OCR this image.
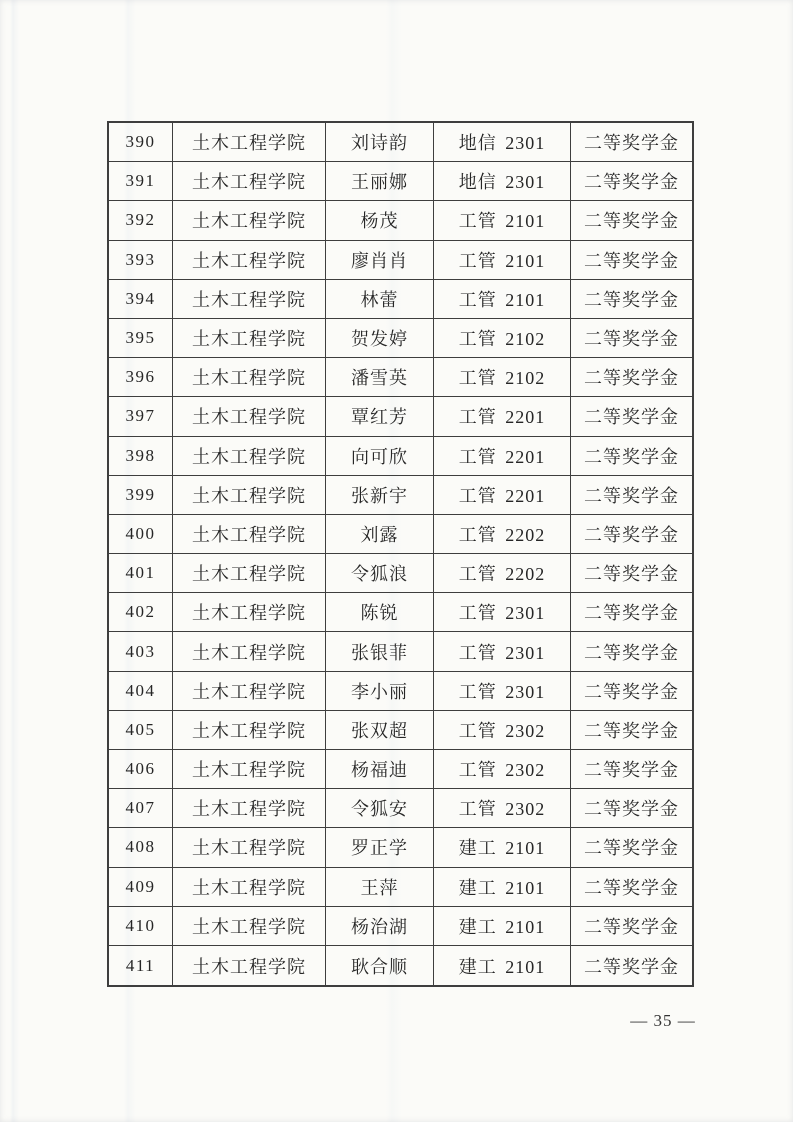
390	土木工程学院	刘诗韵	地信 2301	二等奖学金
391	土木工程学院	王丽娜	地信 2301	二等奖学金
392	土木工程学院	杨茂	工管 2101	二等奖学金
393	土木工程学院	廖肖肖	工管 2101	二等奖学金
394	土木工程学院	林蕾	工管 2101	二等奖学金
395	土木工程学院	贺发婷	工管 2102	二等奖学金
396	土木工程学院	潘雪英	工管 2102	二等奖学金
397	土木工程学院	覃红芳	工管 2201	二等奖学金
398	土木工程学院	向可欣	工管 2201	二等奖学金
399	土木工程学院	张新宇	工管 2201	二等奖学金
400	土木工程学院	刘露	工管 2202	二等奖学金
401	土木工程学院	令狐浪	工管 2202	二等奖学金
402	土木工程学院	陈锐	工管 2301	二等奖学金
403	土木工程学院	张银菲	工管 2301	二等奖学金
404	土木工程学院	李小丽	工管 2301	二等奖学金
405	土木工程学院	张双超	工管 2302	二等奖学金
406	土木工程学院	杨福迪	工管 2302	二等奖学金
407	土木工程学院	令狐安	工管 2302	二等奖学金
408	土木工程学院	罗正学	建工 2101	二等奖学金
409	土木工程学院	王萍	建工 2101	二等奖学金
410	土木工程学院	杨治湖	建工 2101	二等奖学金
411	土木工程学院	耿合顺	建工 2101	二等奖学金
— 35 —
